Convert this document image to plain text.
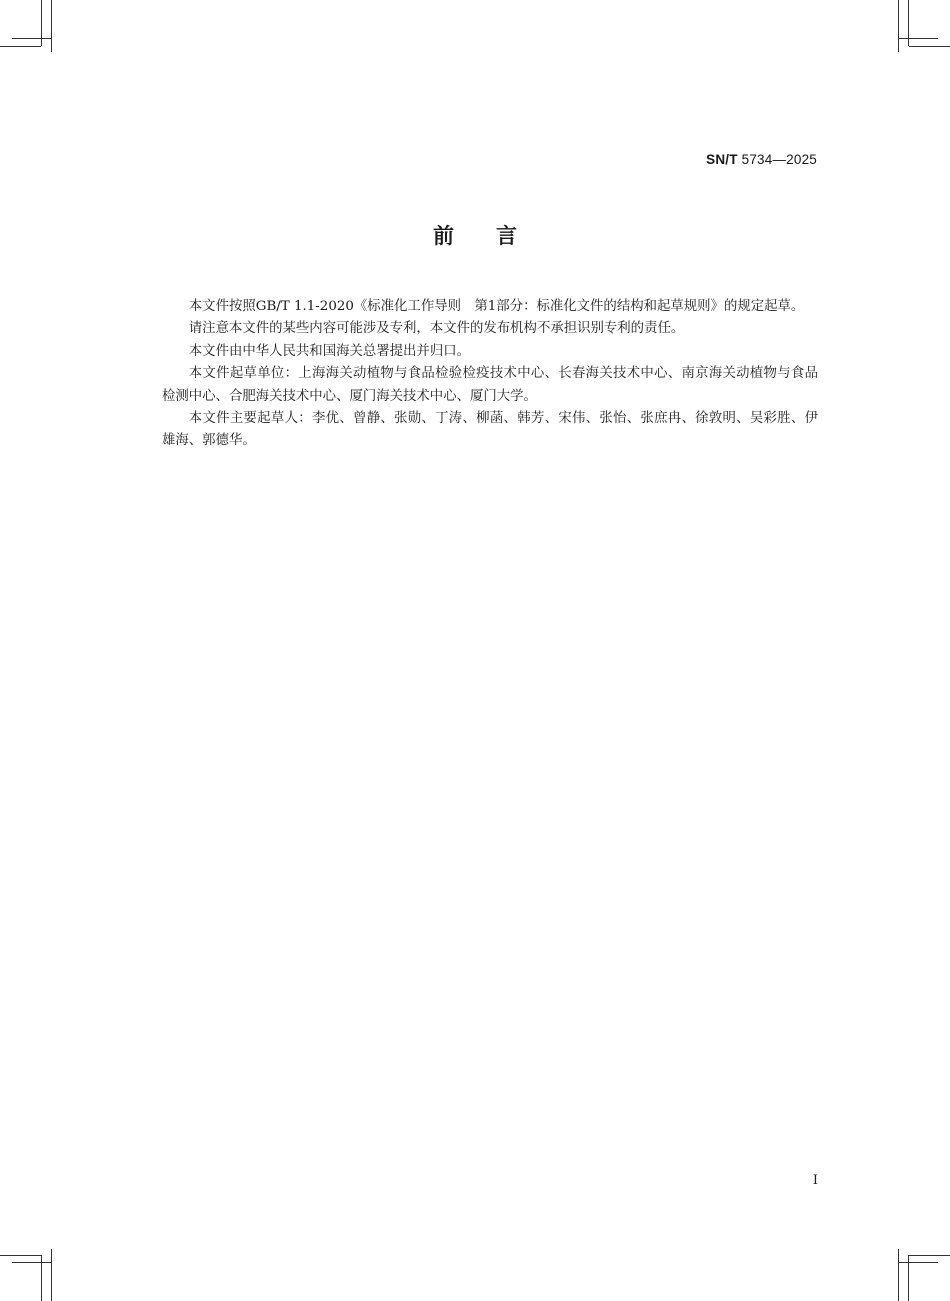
SN/T 5734—2025
前言

本文件按照GB/T 1.1-2020《标准化工作导则　第1部分：标准化文件的结构和起草规则》的规定起草。

请注意本文件的某些内容可能涉及专利，本文件的发布机构不承担识别专利的责任。

本文件由中华人民共和国海关总署提出并归口。

本文件起草单位：上海海关动植物与食品检验检疫技术中心、长春海关技术中心、南京海关动植物与食品检测中心、合肥海关技术中心、厦门海关技术中心、厦门大学。

本文件主要起草人：李优、曾静、张勋、丁涛、柳菡、韩芳、宋伟、张怡、张庶冉、徐敦明、吴彩胜、伊雄海、郭德华。

I
